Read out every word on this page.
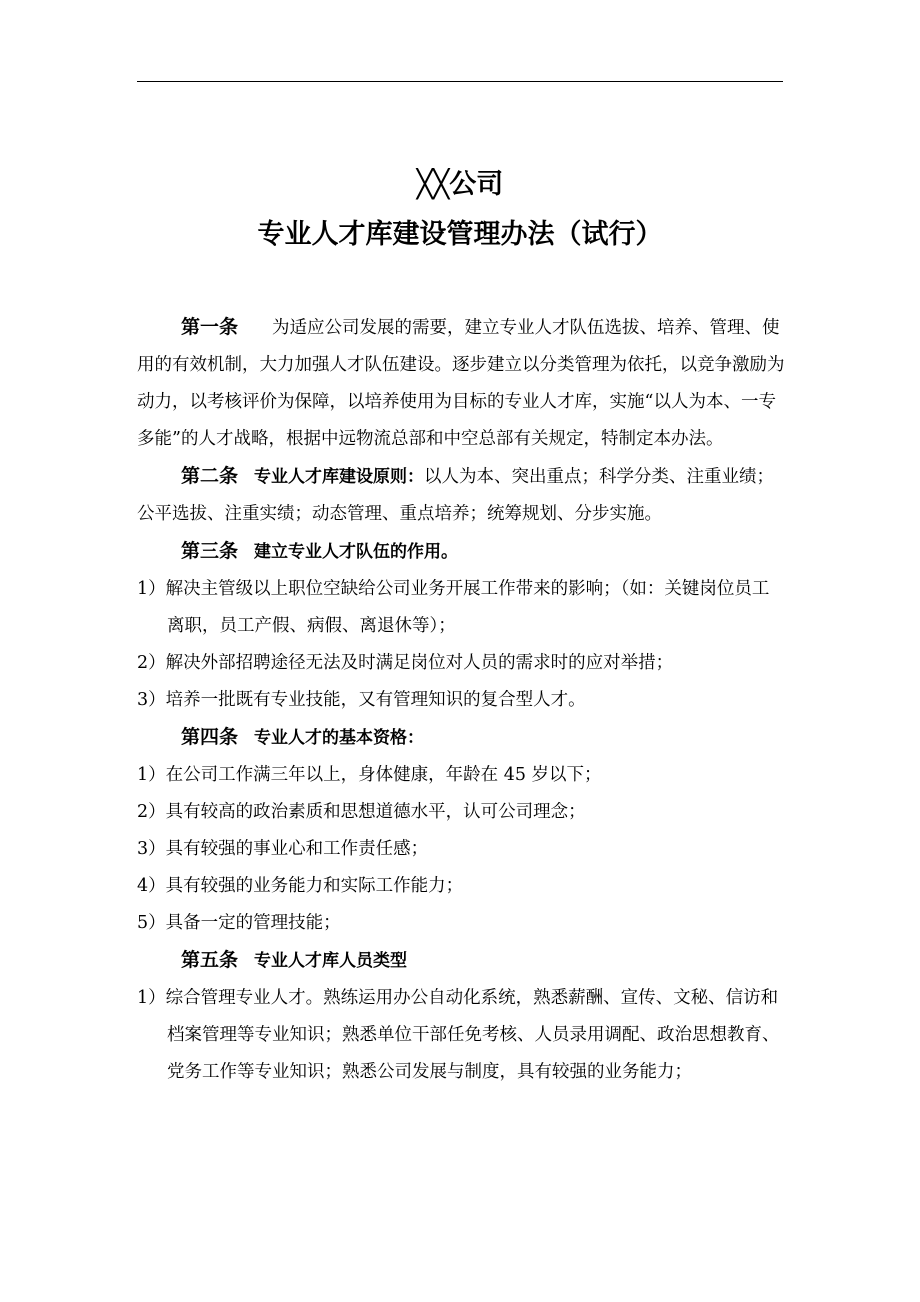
╳╳公司
专业人才库建设管理办法（试行）

第一条 为适应公司发展的需要，建立专业人才队伍选拔、培养、管理、使用的有效机制，大力加强人才队伍建设。逐步建立以分类管理为依托，以竞争激励为动力，以考核评价为保障，以培养使用为目标的专业人才库，实施“以人为本、一专多能”的人才战略，根据中远物流总部和中空总部有关规定，特制定本办法。

第二条 专业人才库建设原则：以人为本、突出重点；科学分类、注重业绩；公平选拔、注重实绩；动态管理、重点培养；统筹规划、分步实施。

第三条 建立专业人才队伍的作用。

1）解决主管级以上职位空缺给公司业务开展工作带来的影响；（如：关键岗位员工离职，员工产假、病假、离退休等）；

2）解决外部招聘途径无法及时满足岗位对人员的需求时的应对举措；

3）培养一批既有专业技能，又有管理知识的复合型人才。

第四条 专业人才的基本资格：

1）在公司工作满三年以上，身体健康，年龄在 45 岁以下；

2）具有较高的政治素质和思想道德水平，认可公司理念；

3）具有较强的事业心和工作责任感；

4）具有较强的业务能力和实际工作能力；

5）具备一定的管理技能；

第五条 专业人才库人员类型

1）综合管理专业人才。熟练运用办公自动化系统，熟悉薪酬、宣传、文秘、信访和档案管理等专业知识；熟悉单位干部任免考核、人员录用调配、政治思想教育、党务工作等专业知识；熟悉公司发展与制度，具有较强的业务能力；
